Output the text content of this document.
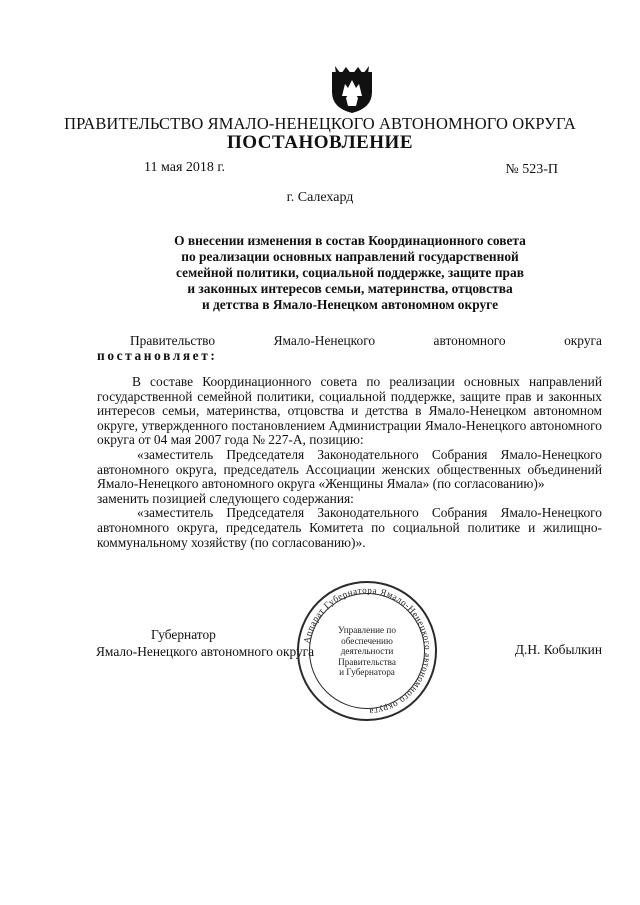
ПРАВИТЕЛЬСТВО ЯМАЛО-НЕНЕЦКОГО АВТОНОМНОГО ОКРУГА
ПОСТАНОВЛЕНИЕ
11 мая 2018 г.	№ 523-П
г. Салехард
О внесении изменения в состав Координационного совета
по реализации основных направлений государственной
семейной политики, социальной поддержке, защите прав
и законных интересов семьи, материнства, отцовства
и детства в Ямало-Ненецком автономном округе
Правительство	Ямало-Ненецкого	автономного	округа
постановляет:
В составе Координационного совета по реализации основных направлений государственной семейной политики, социальной поддержке, защите прав и законных интересов семьи, материнства, отцовства и детства в Ямало-Ненецком автономном округе, утвержденного постановлением Администрации Ямало-Ненецкого автономного округа от 04 мая 2007 года № 227-А, позицию:
«заместитель Председателя Законодательного Собрания Ямало-Ненецкого автономного округа, председатель Ассоциации женских общественных объединений Ямало-Ненецкого автономного округа «Женщины Ямала» (по согласованию)»
заменить позицией следующего содержания:
«заместитель Председателя Законодательного Собрания Ямало-Ненецкого автономного округа, председатель Комитета по социальной политике и жилищно-коммунальному хозяйству (по согласованию)».
Губернатор
Ямало-Ненецкого автономного округа	Д.Н. Кобылкин
Аппарат Губернатора Ямало-Ненецкого автономного округа
Управление по
обеспечению
деятельности
Правительства
и Губернатора
